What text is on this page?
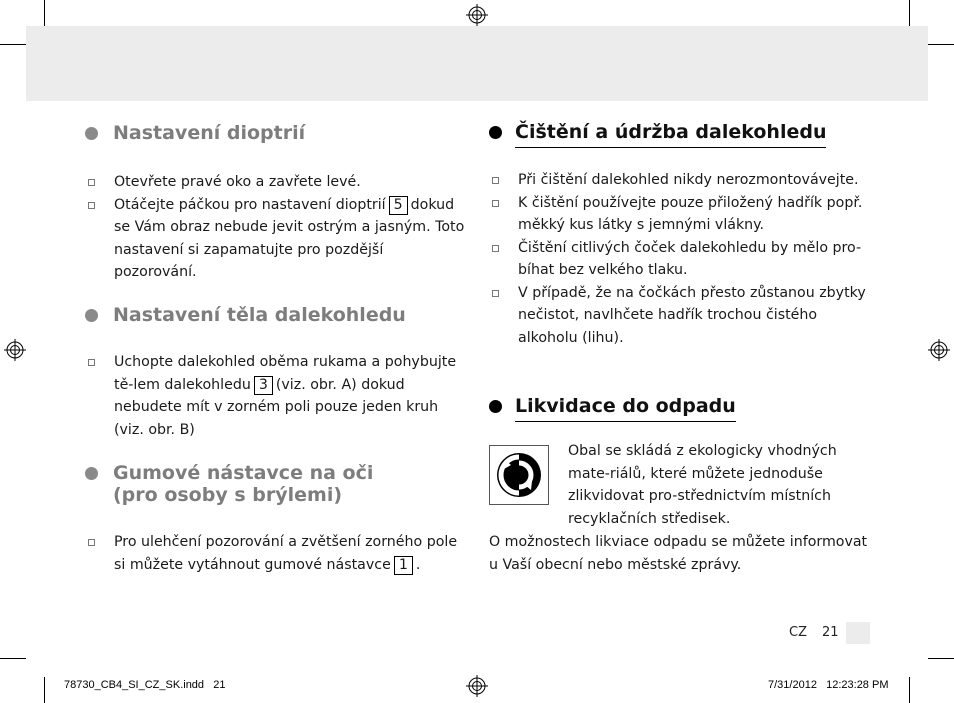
Nastavení dioptrií
Otevřete pravé oko a zavřete levé.
Otáčejte páčkou pro nastavení dioptrií 5 dokud se Vám obraz nebude jevit ostrým a jasným. Toto nastavení si zapamatujte pro pozdější pozorování.
Nastavení těla dalekohledu
Uchopte dalekohled oběma rukama a pohybujte tě-lem dalekohledu 3 (viz. obr. A) dokud nebudete mít v zorném poli pouze jeden kruh (viz. obr. B)
Gumové nástavce na oči
(pro osoby s brýlemi)
Pro ulehčení pozorování a zvětšení zorného pole si můžete vytáhnout gumové nástavce 1 .
Čištění a údržba dalekohledu
Při čištění dalekohled nikdy nerozmontovávejte.
K čištění používejte pouze přiložený hadřík popř. měkký kus látky s jemnými vlákny.
Čištění citlivých čoček dalekohledu by mělo pro-bíhat bez velkého tlaku.
V případě, že na čočkách přesto zůstanou zbytky nečistot, navlhčete hadřík trochou čistého alkoholu (lihu).
Likvidace do odpadu
Obal se skládá z ekologicky vhodných mate-riálů, které můžete jednoduše zlikvidovat pro-střednictvím místních recyklačních středisek.
O možnostech likviace odpadu se můžete informovat u Vaší obecní nebo městské zprávy.
CZ 21
78730_CB4_SI_CZ_SK.indd   21	7/31/2012   12:23:28 PM
